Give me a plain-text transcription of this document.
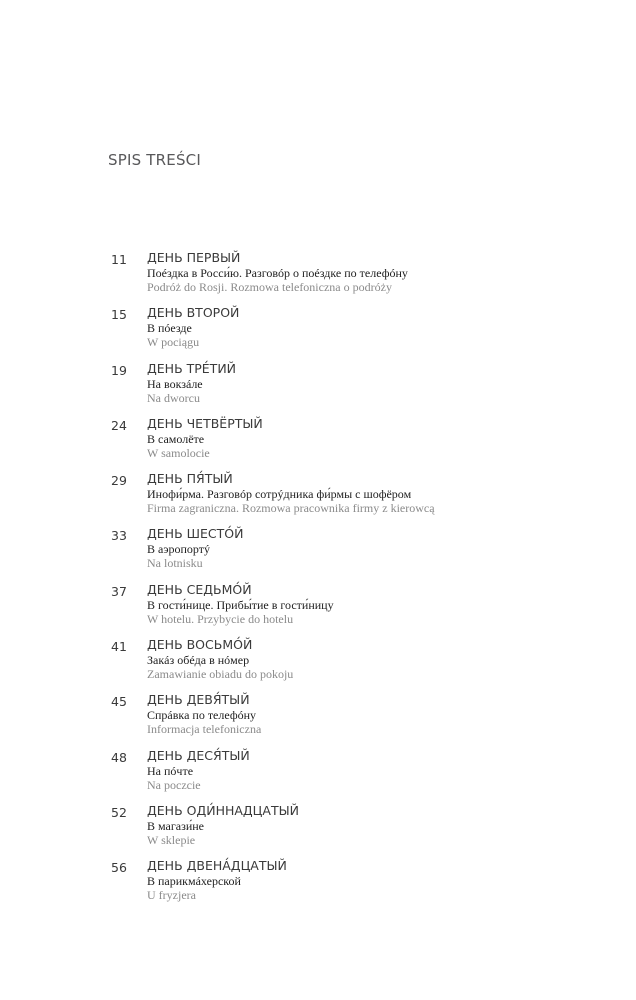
SPIS TREŚCI
11 ДЕНЬ ПЕРВЫЙ
Поéздка в Росси́ю. Разговóр о поéздке по телефóну
Podróż do Rosji. Rozmowa telefoniczna o podróży
15 ДЕНЬ ВТОРОЙ
В пóезде
W pociągu
19 ДЕНЬ ТРЕ́ТИЙ
На вокзáле
Na dworcu
24 ДЕНЬ ЧЕТВЁРТЫЙ
В самолёте
W samolocie
29 ДЕНЬ ПЯ́ТЫЙ
Инофи́рма. Разговóр сотрýдника фи́рмы с шофёром
Firma zagraniczna. Rozmowa pracownika firmy z kierowcą
33 ДЕНЬ ШЕСТО́Й
В аэропортý
Na lotnisku
37 ДЕНЬ СЕДЬМО́Й
В гости́нице. Прибы́тие в гости́ницу
W hotelu. Przybycie do hotelu
41 ДЕНЬ ВОСЬМО́Й
Закáз обéда в нóмер
Zamawianie obiadu do pokoju
45 ДЕНЬ ДЕВЯ́ТЫЙ
Спрáвка по телефóну
Informacja telefoniczna
48 ДЕНЬ ДЕСЯ́ТЫЙ
На пóчте
Na poczcie
52 ДЕНЬ ОДИ́ННАДЦАТЫЙ
В магази́не
W sklepie
56 ДЕНЬ ДВЕНА́ДЦАТЫЙ
В парикмáхерской
U fryzjera
